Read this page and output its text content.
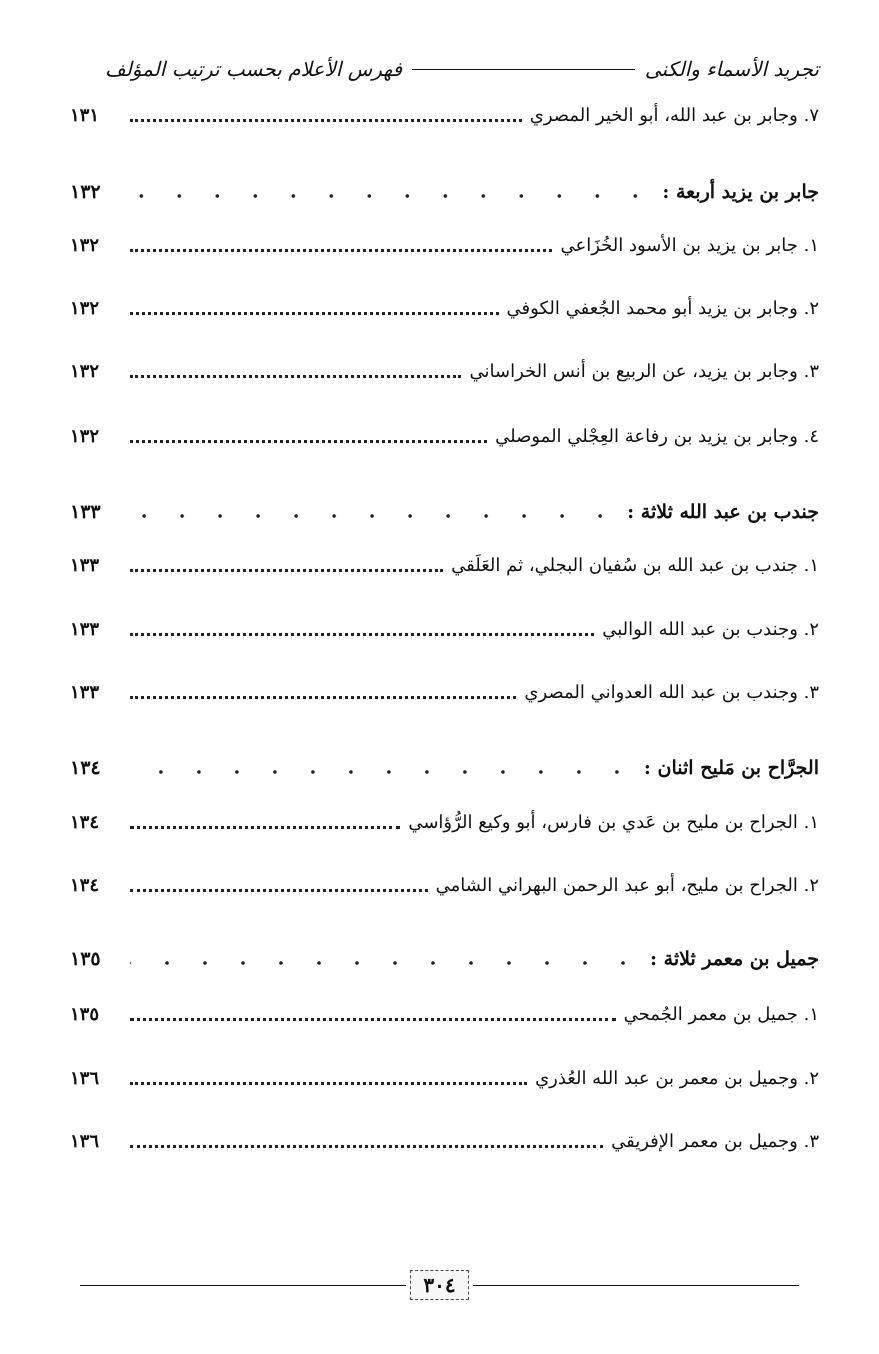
تجريد الأسماء والكنى
فهرس الأعلام بحسب ترتيب المؤلف
٧. وجابر بن عبد الله، أبو الخير المصري
١٣١
جابر بن يزيد أربعة :
١٣٢
١. جابر بن يزيد بن الأسود الخُزَاعي
١٣٢
٢. وجابر بن يزيد أبو محمد الجُعفي الكوفي
١٣٢
٣. وجابر بن يزيد، عن الربيع بن أنس الخراساني
١٣٢
٤. وجابر بن يزيد بن رفاعة العِجْلي الموصلي
١٣٢
جندب بن عبد الله ثلاثة :
١٣٣
١. جندب بن عبد الله بن سُفيان البجلي، ثم العَلَقي
١٣٣
٢. وجندب بن عبد الله الوالبي
١٣٣
٣. وجندب بن عبد الله العدواني المصري
١٣٣
الجرَّاح بن مَليح اثنان :
١٣٤
١. الجراح بن مليح بن عَدي بن فارس، أبو وكيع الرُّؤاسي
١٣٤
٢. الجراح بن مليح، أبو عبد الرحمن البهراني الشامي
١٣٤
جميل بن معمر ثلاثة :
١٣٥
١. جميل بن معمر الجُمحي
١٣٥
٢. وجميل بن معمر بن عبد الله العُذري
١٣٦
٣. وجميل بن معمر الإفريقي
١٣٦
٣٠٤
